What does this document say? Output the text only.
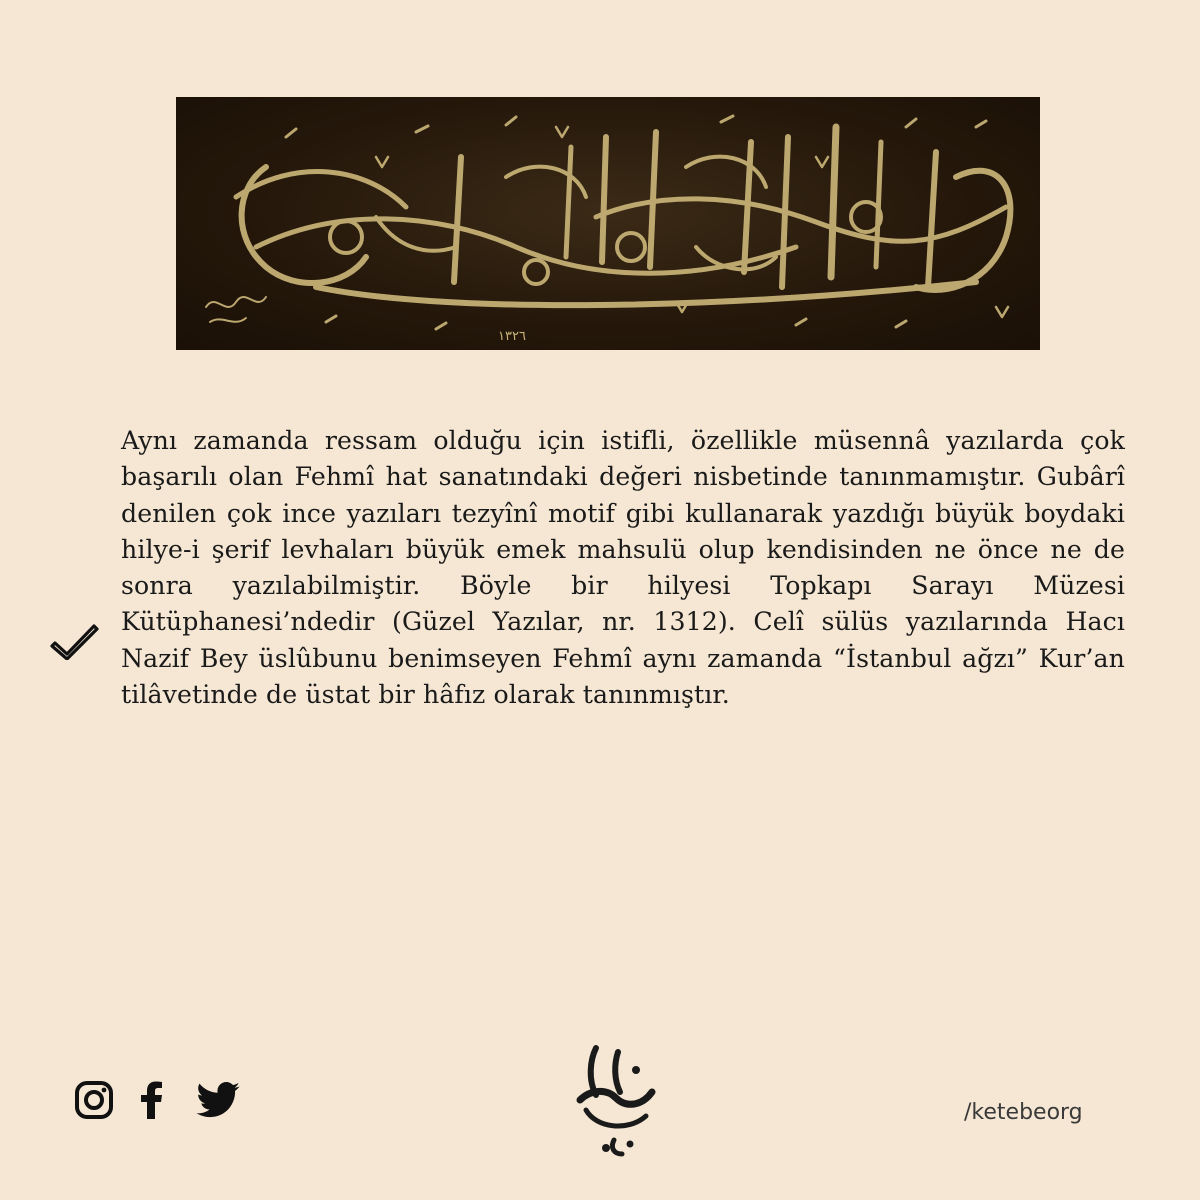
١٣٢٦

Aynı zamanda ressam olduğu için istifli, özellikle müsennâ yazılarda çok başarılı olan Fehmî hat sanatındaki değeri nisbetinde tanınmamıştır. Gubârî denilen çok ince yazıları tezyînî motif gibi kullanarak yazdığı büyük boydaki hilye-i şerif levhaları büyük emek mahsulü olup kendisinden ne önce ne de sonra yazılabilmiştir. Böyle bir hilyesi Topkapı Sarayı Müzesi Kütüphanesi’ndedir (Güzel Yazılar, nr. 1312). Celî sülüs yazılarında Hacı Nazif Bey üslûbunu benimseyen Fehmî aynı zamanda “İstanbul ağzı” Kur’an tilâvetinde de üstat bir hâfız olarak tanınmıştır.

/ketebeorg
